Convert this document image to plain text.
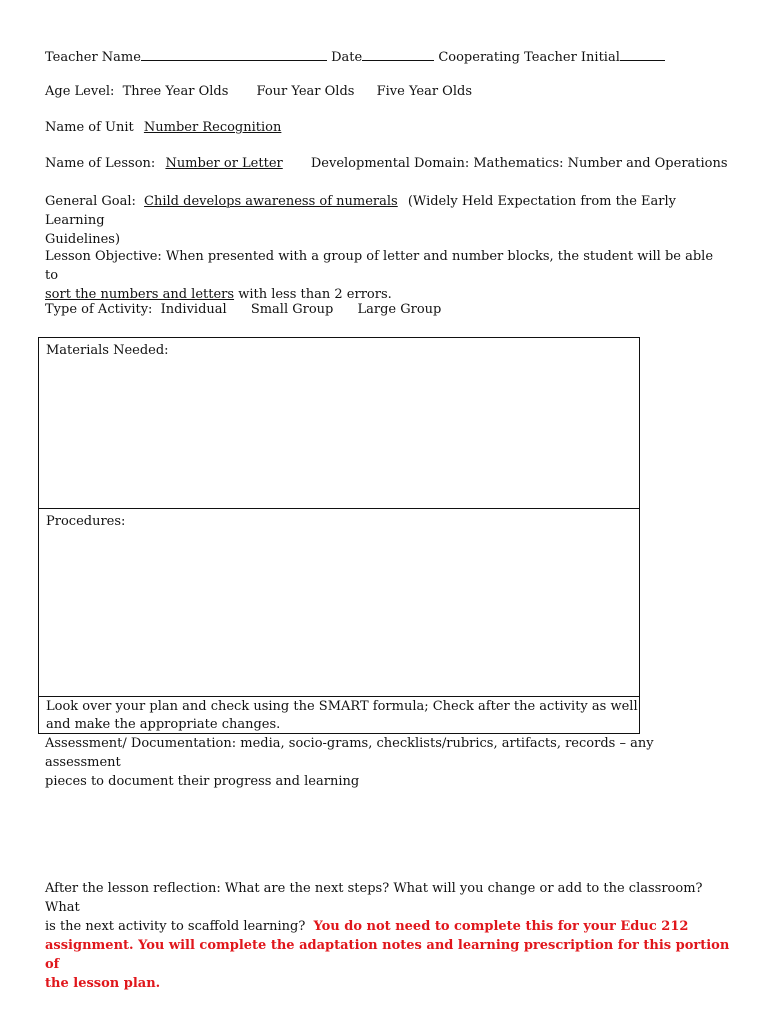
Teacher Name	Date	Cooperating Teacher Initial
Age Level: Three Year Olds Four Year Olds Five Year Olds
Name of Unit Number Recognition
Name of Lesson: Number or Letter Developmental Domain: Mathematics: Number and Operations
General Goal: Child develops awareness of numerals (Widely Held Expectation from the Early Learning
Guidelines)
Lesson Objective: When presented with a group of letter and number blocks, the student will be able to
sort the numbers and letters with less than 2 errors.
Type of Activity: Individual Small Group Large Group
Materials Needed:
Procedures:
Look over your plan and check using the SMART formula; Check after the activity as well
and make the appropriate changes.
Assessment/ Documentation: media, socio-grams, checklists/rubrics, artifacts, records – any assessment
pieces to document their progress and learning
After the lesson reflection: What are the next steps? What will you change or add to the classroom? What
is the next activity to scaffold learning? You do not need to complete this for your Educ 212
assignment. You will complete the adaptation notes and learning prescription for this portion of
the lesson plan.
